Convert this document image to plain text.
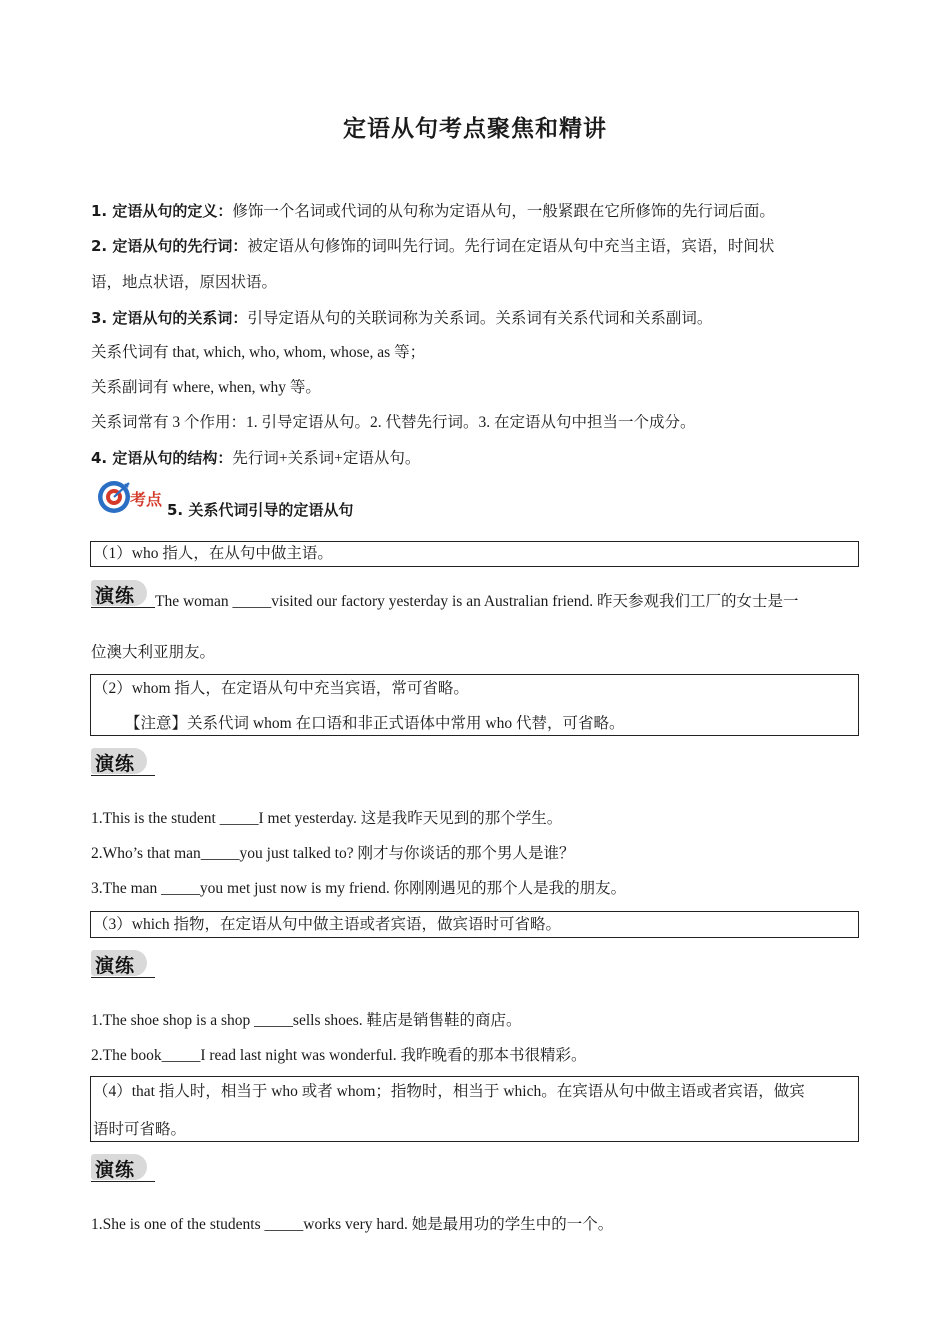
定语从句考点聚焦和精讲
1. 定语从句的定义：修饰一个名词或代词的从句称为定语从句，一般紧跟在它所修饰的先行词后面。
2. 定语从句的先行词：被定语从句修饰的词叫先行词。先行词在定语从句中充当主语，宾语，时间状
语，地点状语，原因状语。
3. 定语从句的关系词：引导定语从句的关联词称为关系词。关系词有关系代词和关系副词。
关系代词有 that, which, who, whom, whose, as 等；
关系副词有 where, when, why 等。
关系词常有 3 个作用：1. 引导定语从句。2. 代替先行词。3. 在定语从句中担当一个成分。
4. 定语从句的结构：先行词+关系词+定语从句。
考点
5. 关系代词引导的定语从句
（1）who 指人，在从句中做主语。
演练 The woman _____visited our factory yesterday is an Australian friend. 昨天参观我们工厂的女士是一
位澳大利亚朋友。
（2）whom 指人，在定语从句中充当宾语，常可省略。
【注意】关系代词 whom 在口语和非正式语体中常用 who 代替，可省略。
演练
1.This is the student _____I met yesterday. 这是我昨天见到的那个学生。
2.Who’s that man_____you just talked to? 刚才与你谈话的那个男人是谁？
3.The man _____you met just now is my friend. 你刚刚遇见的那个人是我的朋友。
（3）which 指物，在定语从句中做主语或者宾语，做宾语时可省略。
演练
1.The shoe shop is a shop _____sells shoes. 鞋店是销售鞋的商店。
2.The book_____I read last night was wonderful. 我昨晚看的那本书很精彩。
（4）that 指人时，相当于 who 或者 whom；指物时，相当于 which。在宾语从句中做主语或者宾语，做宾
语时可省略。
演练
1.She is one of the students _____works very hard. 她是最用功的学生中的一个。
